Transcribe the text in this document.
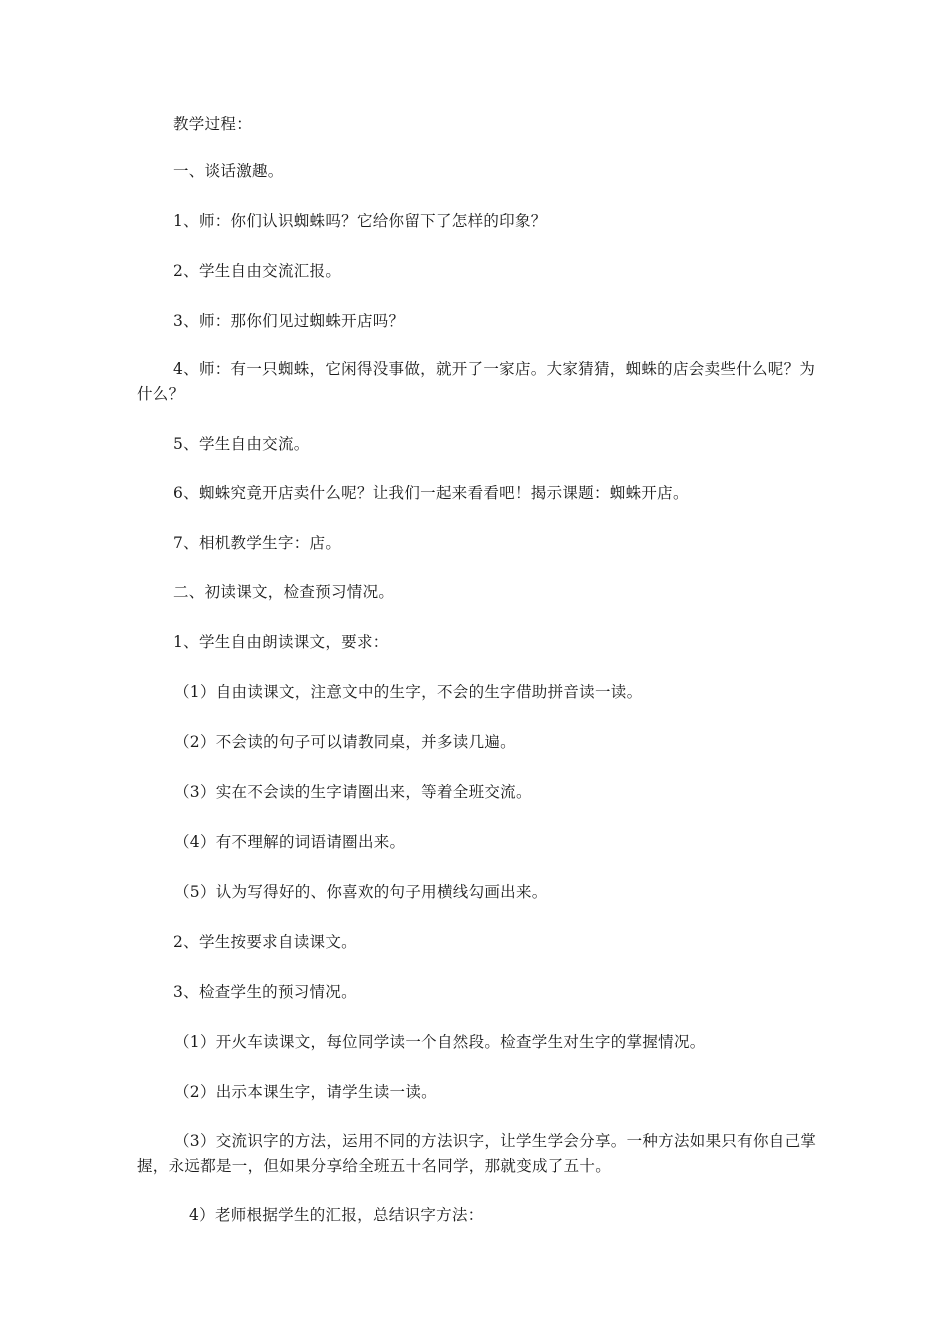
教学过程：

一、谈话激趣。

1、师：你们认识蜘蛛吗？它给你留下了怎样的印象？

2、学生自由交流汇报。

3、师：那你们见过蜘蛛开店吗？

4、师：有一只蜘蛛，它闲得没事做，就开了一家店。大家猜猜，蜘蛛的店会卖些什么呢？为什么？

5、学生自由交流。

6、蜘蛛究竟开店卖什么呢？让我们一起来看看吧！揭示课题：蜘蛛开店。

7、相机教学生字：店。

二、初读课文，检查预习情况。

1、学生自由朗读课文，要求：

（1）自由读课文，注意文中的生字，不会的生字借助拼音读一读。

（2）不会读的句子可以请教同桌，并多读几遍。

（3）实在不会读的生字请圈出来，等着全班交流。

（4）有不理解的词语请圈出来。

（5）认为写得好的、你喜欢的句子用横线勾画出来。

2、学生按要求自读课文。

3、检查学生的预习情况。

（1）开火车读课文，每位同学读一个自然段。检查学生对生字的掌握情况。

（2）出示本课生字，请学生读一读。

（3）交流识字的方法，运用不同的方法识字，让学生学会分享。一种方法如果只有你自己掌握，永远都是一，但如果分享给全班五十名同学，那就变成了五十。

4）老师根据学生的汇报，总结识字方法：
